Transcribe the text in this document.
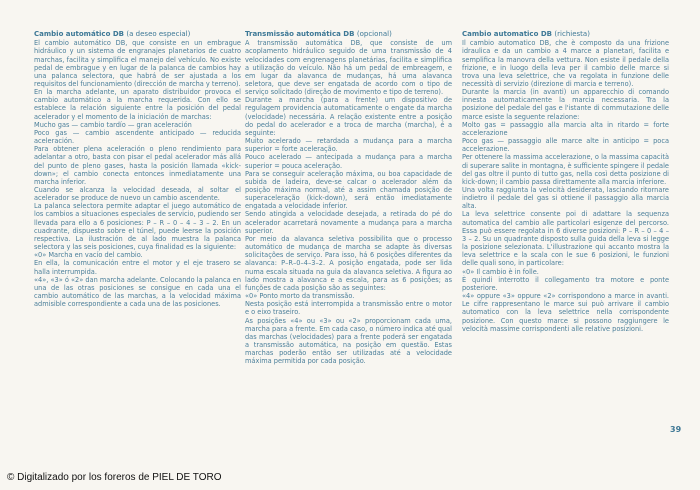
Cambio automático DB (a deseo especial)

El cambio automático DB, que consiste en un embrague hidráulico y un sistema de engranajes planetarios de cuatro marchas, facilita y simplifica el manejo del vehículo. No existe pedal de embrague y en lugar de la palanca de cambios hay una palanca selectora, que habrá de ser ajustada a los requisitos del funcionamiento (dirección de marcha y terreno).

En la marcha adelante, un aparato distribuidor provoca el cambio automático a la marcha requerida. Con ello se establece la relación siguiente entre la posición del pedal acelerador y el momento de la iniciación de marchas:

Mucho gas — cambio tardío — gran aceleración

Poco gas — cambio ascendente anticipado — reducida aceleración.

Para obtener plena aceleración o pleno rendimiento para adelantar a otro, basta con pisar el pedal acelerador más allá del punto de pleno gases, hasta la posición llamada «kick-down»; el cambio conecta entonces inmediatamente una marcha inferior.

Cuando se alcanza la velocidad deseada, al soltar el acelerador se produce de nuevo un cambio ascendente.

La palanca selectora permite adaptar el juego automático de los cambios a situaciones especiales de servicio, pudiendo ser llevada para ello a 6 posiciones: P – R – 0 – 4 – 3 – 2. En un cuadrante, dispuesto sobre el túnel, puede leerse la posición respectiva. La ilustración de al lado muestra la palanca selectora y las seis posiciones, cuya finalidad es la siguiente:

«0» Marcha en vacío del cambio.

En ella, la comunicación entre el motor y el eje trasero se halla interrumpida.

«4», «3» ó «2» dan marcha adelante. Colocando la palanca en una de las otras posiciones se consigue en cada una el cambio automático de las marchas, a la velocidad máxima admisible correspondiente a cada una de las posiciones.

Transmissão automática DB (opcional)

A transmissão automática DB, que consiste de um acoplamento hidráulico seguido de uma transmissão de 4 velocidades com engrenagens planetárias, facilita e simplifica a utilização do veículo. Não há um pedal de embreagem, e em lugar da alavanca de mudanças, há uma alavanca seletora, que deve ser engatada de acordo com o tipo de serviço solicitado (direção de movimento e tipo de terreno).

Durante a marcha (para a frente) um dispositivo de regulagem providencia automaticamente o engate da marcha (velocidade) necessária. A relação existente entre a posição do pedal do acelerador e a troca de marcha (marcha), é a seguinte:

Muito acelerado — retardada a mudança para a marcha superior = forte aceleração.

Pouco acelerado — antecipada a mudança para a marcha superior = pouca aceleração.

Para se conseguir aceleração máxima, ou boa capacidade de subida de ladeira, deve-se calcar o acelerador além da posição máxima normal, até a assim chamada posição de superaceleração (kick-down), será então imediatamente engatada a velocidade inferior.

Sendo atingida a velocidade desejada, a retirada do pé do acelerador acarretará novamente a mudança para a marcha superior.

Por meio da alavanca seletiva possibilita que o processo automático de mudança de marcha se adapte às diversas solicitações de serviço. Para isso, há 6 posições diferentes da alavanca: P–R–0–4–3–2. A posição engatada, pode ser lida numa escala situada na guia da alavanca seletiva. A figura ao lado mostra a alavanca e a escala, para as 6 posições; as funções de cada posição são as seguintes:

«0» Ponto morto da transmissão.

Nesta posição está interrompida a transmissão entre o motor e o eixo traseiro.

As posições «4» ou «3» ou «2» proporcionam cada uma, marcha para a frente. Em cada caso, o número indica até qual das marchas (velocidades) para a frente poderá ser engatada a transmissão automática, na posição em questão. Estas marchas poderão então ser utilizadas até a velocidade máxima permitida por cada posição.

Cambio automatico DB (richiesta)

Il cambio automatico DB, che è composto da una frizione idraulica e da un cambio a 4 marce a planetari, facilita e semplifica la manovra della vettura. Non esiste il pedale della frizione, e in luogo della leva per il cambio delle marce si trova una leva selettrice, che va regolata in funzione delle necessità di servizio (direzione di marcia e terreno).

Durante la marcia (in avanti) un apparecchio di comando innesta automaticamente la marcia necessaria. Tra la posizione del pedale del gas e l'istante di commutazione delle marce esiste la seguente relazione:

Molto gas = passaggio alla marcia alta in ritardo = forte accelerazione

Poco gas — passaggio alle marce alte in anticipo = poca accelerazione.

Per ottenere la massima accelerazione, o la massima capacità di superare salite in montagna, è sufficiente spingere il pedale del gas oltre il punto di tutto gas, nella così detta posizione di kick-down; il cambio passa direttamente alla marcia inferiore.

Una volta raggiunta la velocità desiderata, lasciando ritornare indietro il pedale del gas si ottiene il passaggio alla marcia alta.

La leva selettrice consente poi di adattare la sequenza automatica del cambio alle particolari esigenze del percorso. Essa può essere regolata in 6 diverse posizioni: P – R – 0 – 4 – 3 – 2. Su un quadrante disposto sulla guida della leva si legge la posizione selezionata. L'illustrazione qui accanto mostra la leva selettrice e la scala con le sue 6 posizioni, le funzioni delle quali sono, in particolare:

«0» Il cambio è in folle.

È quindi interrotto il collegamento tra motore e ponte posteriore.

«4» oppure «3» oppure «2» corrispondono a marce in avanti. Le cifre rappresentano le marce sui può arrivare il cambio automatico con la leva selettrice nella corrispondente posizione. Con questo marce si possono raggiungere le velocità massime corrispondenti alle relative posizioni.

39
© Digitalizado por los foreros de PIEL DE TORO
